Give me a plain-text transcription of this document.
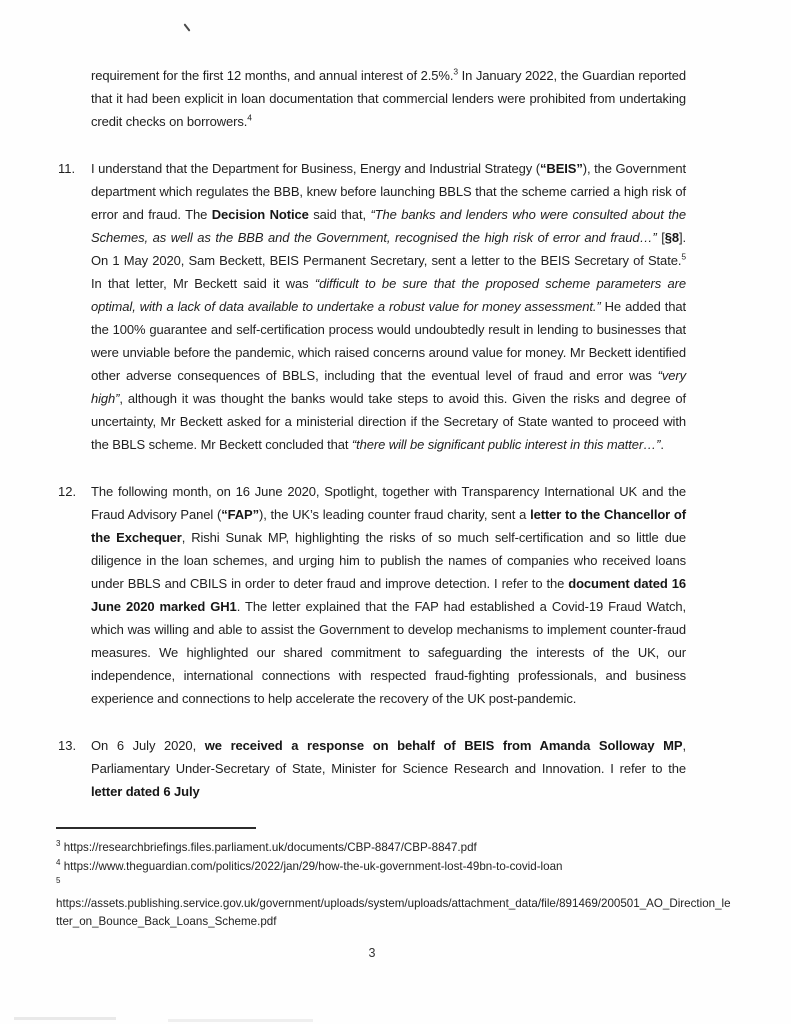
requirement for the first 12 months, and annual interest of 2.5%.$^3$ In January 2022, the Guardian reported that it had been explicit in loan documentation that commercial lenders were prohibited from undertaking credit checks on borrowers.$^4$
11.	I understand that the Department for Business, Energy and Industrial Strategy (“BEIS”), the Government department which regulates the BBB, knew before launching BBLS that the scheme carried a high risk of error and fraud. The Decision Notice said that, “The banks and lenders who were consulted about the Schemes, as well as the BBB and the Government, recognised the high risk of error and fraud…” [§8]. On 1 May 2020, Sam Beckett, BEIS Permanent Secretary, sent a letter to the BEIS Secretary of State.$^5$ In that letter, Mr Beckett said it was “difficult to be sure that the proposed scheme parameters are optimal, with a lack of data available to undertake a robust value for money assessment.” He added that the 100% guarantee and self-certification process would undoubtedly result in lending to businesses that were unviable before the pandemic, which raised concerns around value for money. Mr Beckett identified other adverse consequences of BBLS, including that the eventual level of fraud and error was “very high”, although it was thought the banks would take steps to avoid this. Given the risks and degree of uncertainty, Mr Beckett asked for a ministerial direction if the Secretary of State wanted to proceed with the BBLS scheme. Mr Beckett concluded that “there will be significant public interest in this matter…”.
12.	The following month, on 16 June 2020, Spotlight, together with Transparency International UK and the Fraud Advisory Panel (“FAP”), the UK’s leading counter fraud charity, sent a letter to the Chancellor of the Exchequer, Rishi Sunak MP, highlighting the risks of so much self-certification and so little due diligence in the loan schemes, and urging him to publish the names of companies who received loans under BBLS and CBILS in order to deter fraud and improve detection. I refer to the document dated 16 June 2020 marked GH1. The letter explained that the FAP had established a Covid-19 Fraud Watch, which was willing and able to assist the Government to develop mechanisms to implement counter-fraud measures. We highlighted our shared commitment to safeguarding the interests of the UK, our independence, international connections with respected fraud-fighting professionals, and business experience and connections to help accelerate the recovery of the UK post-pandemic.
13.	On 6 July 2020, we received a response on behalf of BEIS from Amanda Solloway MP, Parliamentary Under-Secretary of State, Minister for Science Research and Innovation. I refer to the letter dated 6 July
$^3$ https://researchbriefings.files.parliament.uk/documents/CBP-8847/CBP-8847.pdf
$^4$ https://www.theguardian.com/politics/2022/jan/29/how-the-uk-government-lost-49bn-to-covid-loan
$^5$
https://assets.publishing.service.gov.uk/government/uploads/system/uploads/attachment_data/file/891469/200501_AO_Direction_letter_on_Bounce_Back_Loans_Scheme.pdf
3
